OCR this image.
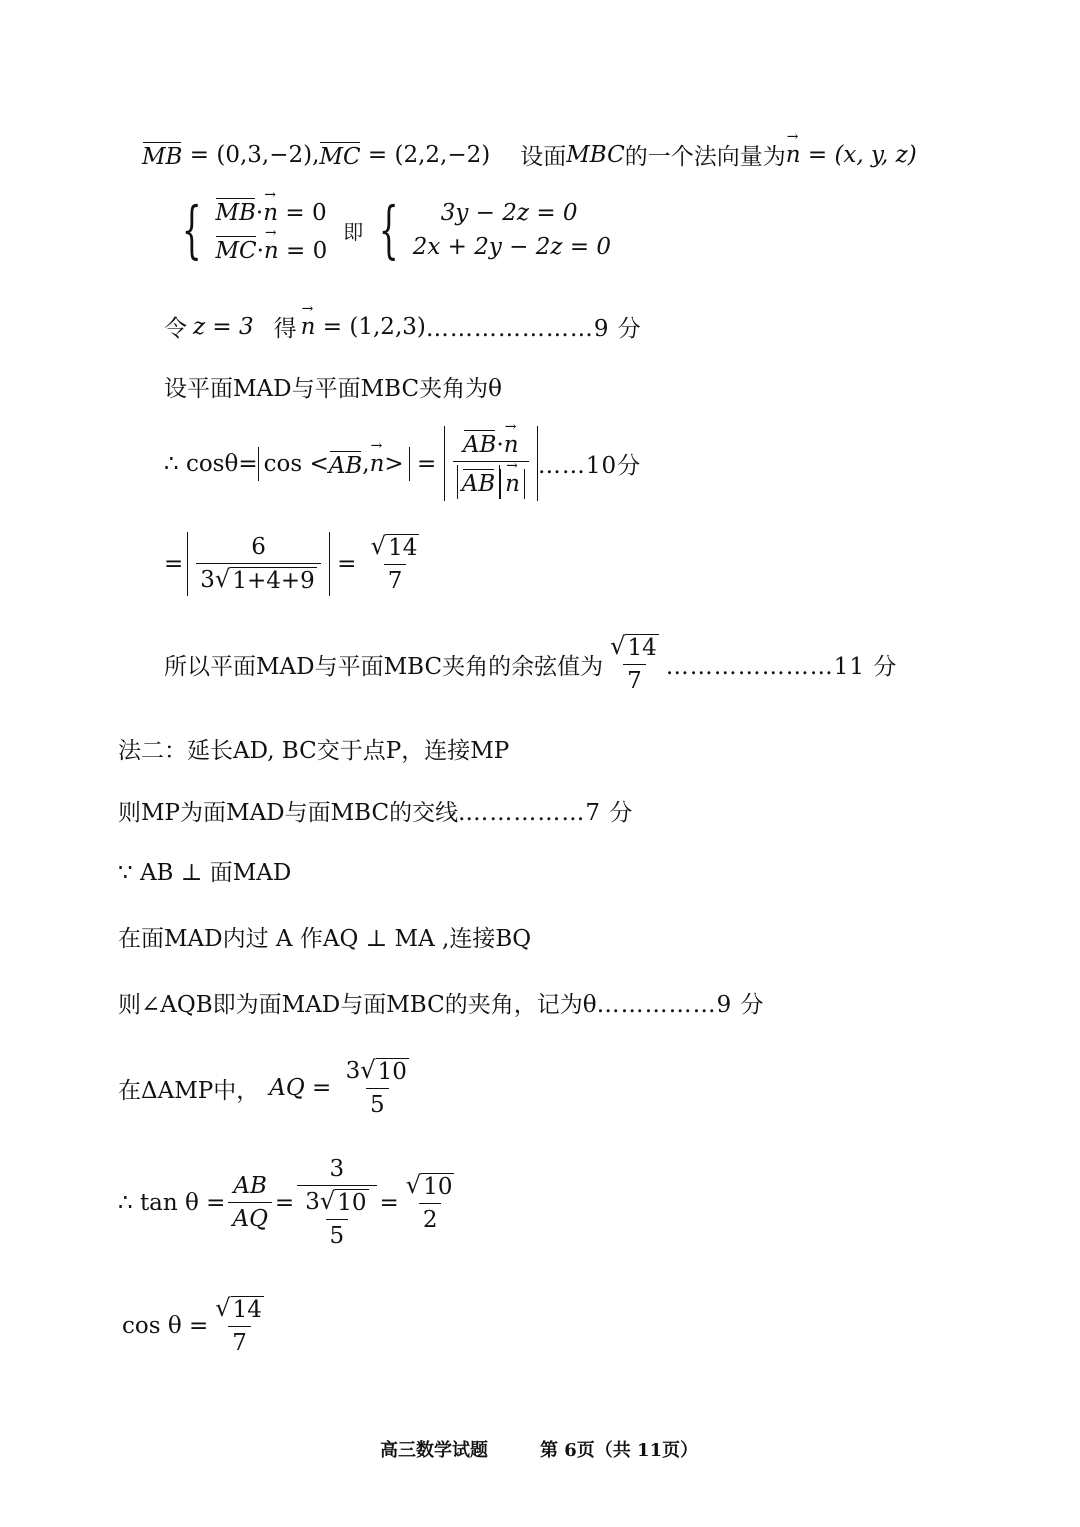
MB = (0,3,−2) , MC = (2,2,−2) 设面 MBC 的一个法向量为
→ n = (x, y, z)
{ MB·→ n = 0
MC·→ n = 0
即 {	3y − 2z = 0
2x + 2y − 2z = 0
令 z = 3 得
→ n = (1,2,3) …………………9 分
设平面MAD与平面MBC夹角为θ
∴ cosθ= cos < AB ,
→ n > = AB·→ n
AB
→ n ……10分
= $\frac{6}{3 √ 1+4+9} = \frac{√ 14}{7}$
所以平面MAD与平面MBC夹角的余弦值为 $\frac{√ 14}{7}$ …………………11 分
法二：延长AD, BC交于点P，连接MP
则MP为面MAD与面MBC的交线. ……………7 分
∵ AB ⊥ 面MAD
在面MAD内过 A 作AQ ⊥ MA ,连接BQ
则∠AQB即为面MAD与面MBC的夹角，记为θ ……………9 分
在ΔAMP中， AQ = $\frac{3 √ 10}{5}$
∴ $\tan \theta = \frac{AB}{AQ} = \frac{3}{\frac{3 √ 10}{5}} = \frac{√ 10}{2}$
$\cos \theta = \frac{√ 14}{7}$
高三数学试题	第 6页（共 11页）
